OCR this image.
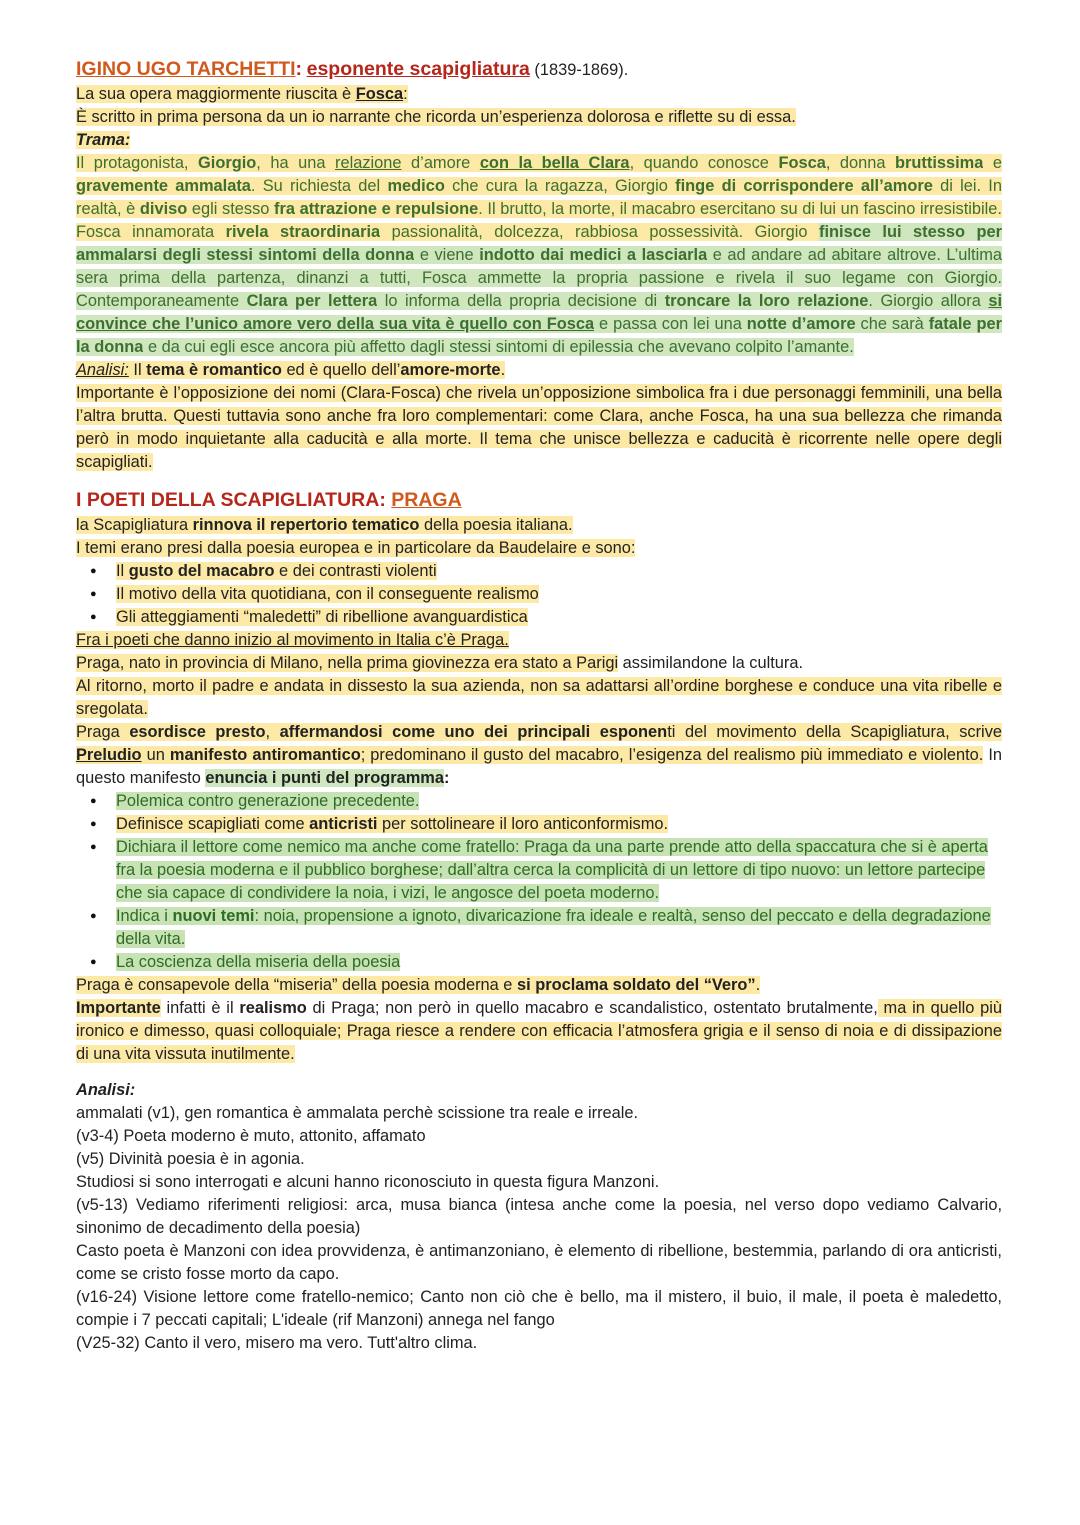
IGINO UGO TARCHETTI: esponente scapigliatura (1839-1869).

La sua opera maggiormente riuscita è Fosca:

È scritto in prima persona da un io narrante che ricorda un’esperienza dolorosa e riflette su di essa.

Trama:

Il protagonista, Giorgio, ha una relazione d’amore con la bella Clara, quando conosce Fosca, donna bruttissima e gravemente ammalata. Su richiesta del medico che cura la ragazza, Giorgio finge di corrispondere all’amore di lei. In realtà, è diviso egli stesso fra attrazione e repulsione. Il brutto, la morte, il macabro esercitano su di lui un fascino irresistibile. Fosca innamorata rivela straordinaria passionalità, dolcezza, rabbiosa possessività. Giorgio finisce lui stesso per ammalarsi degli stessi sintomi della donna e viene indotto dai medici a lasciarla e ad andare ad abitare altrove. L’ultima sera prima della partenza, dinanzi a tutti, Fosca ammette la propria passione e rivela il suo legame con Giorgio. Contemporaneamente Clara per lettera lo informa della propria decisione di troncare la loro relazione. Giorgio allora si convince che l’unico amore vero della sua vita è quello con Fosca e passa con lei una notte d’amore che sarà fatale per la donna e da cui egli esce ancora più affetto dagli stessi sintomi di epilessia che avevano colpito l’amante.

Analisi: Il tema è romantico ed è quello dell’amore-morte.

Importante è l’opposizione dei nomi (Clara-Fosca) che rivela un’opposizione simbolica fra i due personaggi femminili, una bella l’altra brutta. Questi tuttavia sono anche fra loro complementari: come Clara, anche Fosca, ha una sua bellezza che rimanda però in modo inquietante alla caducità e alla morte. Il tema che unisce bellezza e caducità è ricorrente nelle opere degli scapigliati.

I POETI DELLA SCAPIGLIATURA: PRAGA

la Scapigliatura rinnova il repertorio tematico della poesia italiana.

I temi erano presi dalla poesia europea e in particolare da Baudelaire e sono:

● Il gusto del macabro e dei contrasti violenti
● Il motivo della vita quotidiana, con il conseguente realismo
● Gli atteggiamenti “maledetti” di ribellione avanguardistica

Fra i poeti che danno inizio al movimento in Italia c’è Praga.

Praga, nato in provincia di Milano, nella prima giovinezza era stato a Parigi assimilandone la cultura.

Al ritorno, morto il padre e andata in dissesto la sua azienda, non sa adattarsi all’ordine borghese e conduce una vita ribelle e sregolata.

Praga esordisce presto, affermandosi come uno dei principali esponenti del movimento della Scapigliatura, scrive Preludio un manifesto antiromantico; predominano il gusto del macabro, l’esigenza del realismo più immediato e violento. In questo manifesto enuncia i punti del programma:

● Polemica contro generazione precedente.
● Definisce scapigliati come anticristi per sottolineare il loro anticonformismo.
● Dichiara il lettore come nemico ma anche come fratello: Praga da una parte prende atto della spaccatura che si è aperta fra la poesia moderna e il pubblico borghese; dall’altra cerca la complicità di un lettore di tipo nuovo: un lettore partecipe che sia capace di condividere la noia, i vizi, le angosce del poeta moderno.
● Indica i nuovi temi: noia, propensione a ignoto, divaricazione fra ideale e realtà, senso del peccato e della degradazione della vita.
● La coscienza della miseria della poesia

Praga è consapevole della “miseria” della poesia moderna e si proclama soldato del “Vero”.

Importante infatti è il realismo di Praga; non però in quello macabro e scandalistico, ostentato brutalmente, ma in quello più ironico e dimesso, quasi colloquiale; Praga riesce a rendere con efficacia l’atmosfera grigia e il senso di noia e di dissipazione di una vita vissuta inutilmente.

Analisi:

ammalati (v1), gen romantica è ammalata perchè scissione tra reale e irreale.

(v3-4) Poeta moderno è muto, attonito, affamato

(v5) Divinità poesia è in agonia.

Studiosi si sono interrogati e alcuni hanno riconosciuto in questa figura Manzoni.

(v5-13) Vediamo riferimenti religiosi: arca, musa bianca (intesa anche come la poesia, nel verso dopo vediamo Calvario, sinonimo de decadimento della poesia)

Casto poeta è Manzoni con idea provvidenza, è antimanzoniano, è elemento di ribellione, bestemmia, parlando di ora anticristi, come se cristo fosse morto da capo.

(v16-24) Visione lettore come fratello-nemico; Canto non ciò che è bello, ma il mistero, il buio, il male, il poeta è maledetto, compie i 7 peccati capitali; L'ideale (rif Manzoni) annega nel fango

(V25-32) Canto il vero, misero ma vero. Tutt'altro clima.
